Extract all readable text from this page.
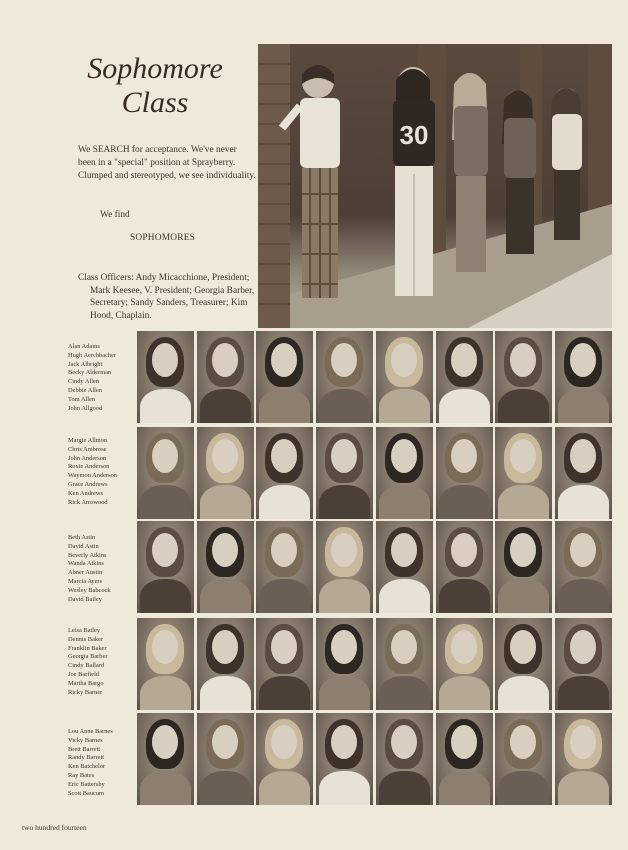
Sophomore
Class

We SEARCH for acceptance. We've never been in a "special" position at Sprayberry. Clumped and stereotyped, we see individuality.

We find
SOPHOMORES
Class Officers: Andy Micacchione, President;
Mark Keesee, V. President; Georgia Barber, Secretary; Sandy Sanders, Treasurer; Kim Hood, Chaplain.
30
Alan Adams
Hugh Aerchbacher
Jack Albright
Becky Alderman
Cindy Allen
Debbie Allen
Tom Allen
John Allgood
Margie Allmon
Chris Ambrose
John Anderson
Roxie Anderson
Waymon Anderson
Grace Andrews
Ken Andrews
Rick Arrowood
Beth Astin
David Astin
Beverly Atkins
Wanda Atkins
Abner Austin
Marcia Ayers
Wesley Babcock
David Bailey
Leisa Bailey
Dennis Baker
Franklin Baker
Georgia Barber
Cindy Ballard
Joe Barfield
Martha Bargo
Ricky Barner
Lou Anne Barnes
Vicky Barnes
Brett Barrett
Randy Barrett
Ken Batchelor
Ray Bates
Eric Battersby
Scott Baucum
two hundred fourteen
